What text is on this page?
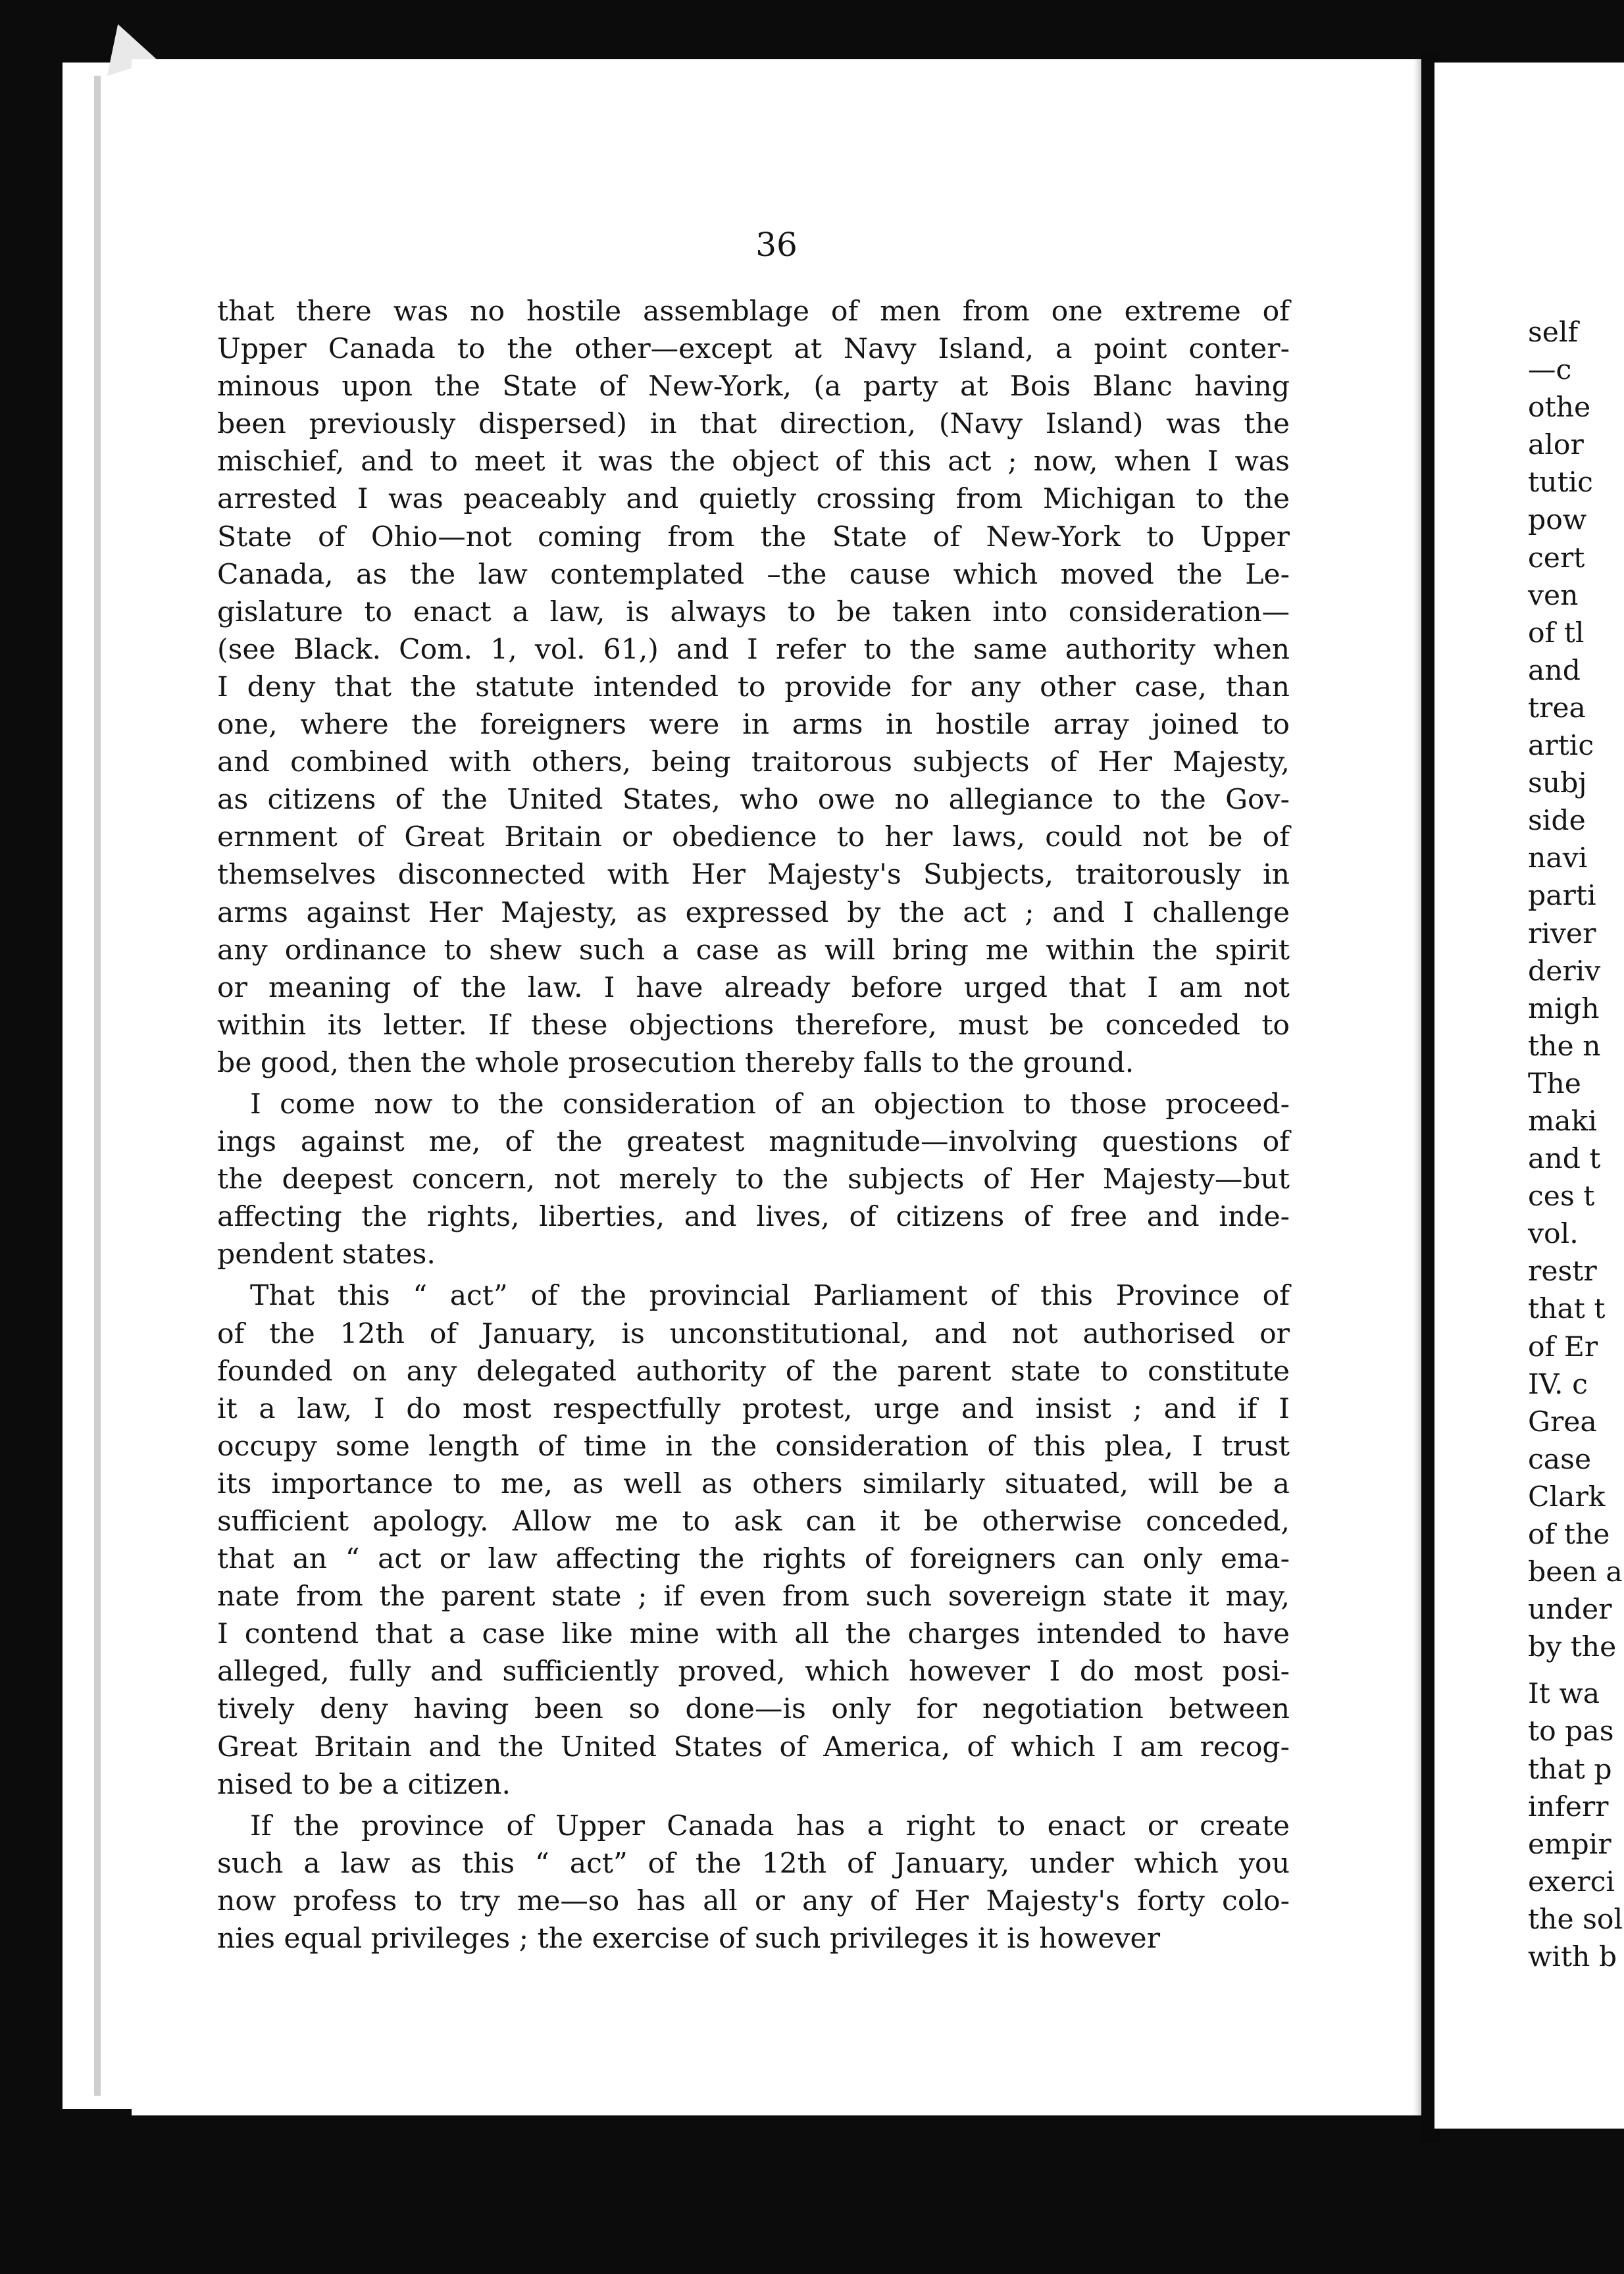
36
that there was no hostile assemblage of men from one extreme of
Upper Canada to the other—except at Navy Island, a point conter-
minous upon the State of New-York, (a party at Bois Blanc having
been previously dispersed) in that direction, (Navy Island) was the
mischief, and to meet it was the object of this act ; now, when I was
arrested I was peaceably and quietly crossing from Michigan to the
State of Ohio—not coming from the State of New-York to Upper
Canada, as the law contemplated –the cause which moved the Le-
gislature to enact a law, is always to be taken into consideration—
(see Black. Com. 1, vol. 61,) and I refer to the same authority when
I deny that the statute intended to provide for any other case, than
one, where the foreigners were in arms in hostile array joined to
and combined with others, being traitorous subjects of Her Majesty,
as citizens of the United States, who owe no allegiance to the Gov-
ernment of Great Britain or obedience to her laws, could not be of
themselves disconnected with Her Majesty's Subjects, traitorously in
arms against Her Majesty, as expressed by the act ; and I challenge
any ordinance to shew such a case as will bring me within the spirit
or meaning of the law. I have already before urged that I am not
within its letter. If these objections therefore, must be conceded to
be good, then the whole prosecution thereby falls to the ground.
I come now to the consideration of an objection to those proceed-
ings against me, of the greatest magnitude—involving questions of
the deepest concern, not merely to the subjects of Her Majesty—but
affecting the rights, liberties, and lives, of citizens of free and inde-
pendent states.
That this “ act” of the provincial Parliament of this Province of
of the 12th of January, is unconstitutional, and not authorised or
founded on any delegated authority of the parent state to constitute
it a law, I do most respectfully protest, urge and insist ; and if I
occupy some length of time in the consideration of this plea, I trust
its importance to me, as well as others similarly situated, will be a
sufficient apology. Allow me to ask can it be otherwise conceded,
that an “ act or law affecting the rights of foreigners can only ema-
nate from the parent state ; if even from such sovereign state it may,
I contend that a case like mine with all the charges intended to have
alleged, fully and sufficiently proved, which however I do most posi-
tively deny having been so done—is only for negotiation between
Great Britain and the United States of America, of which I am recog-
nised to be a citizen.
If the province of Upper Canada has a right to enact or create
such a law as this “ act” of the 12th of January, under which you
now profess to try me—so has all or any of Her Majesty's forty colo-
nies equal privileges ; the exercise of such privileges it is however
self
—c
othe
alor
tutic
pow
cert
ven
of tl
and
trea
artic
subj
side
navi
parti
river
deriv
migh
the n
The
maki
and t
ces t
vol.
restr
that t
of Er
IV. c
Grea
case
Clark
of the
been a
under
by the
It wa
to pas
that p
inferr
empir
exerci
the sol
with b
